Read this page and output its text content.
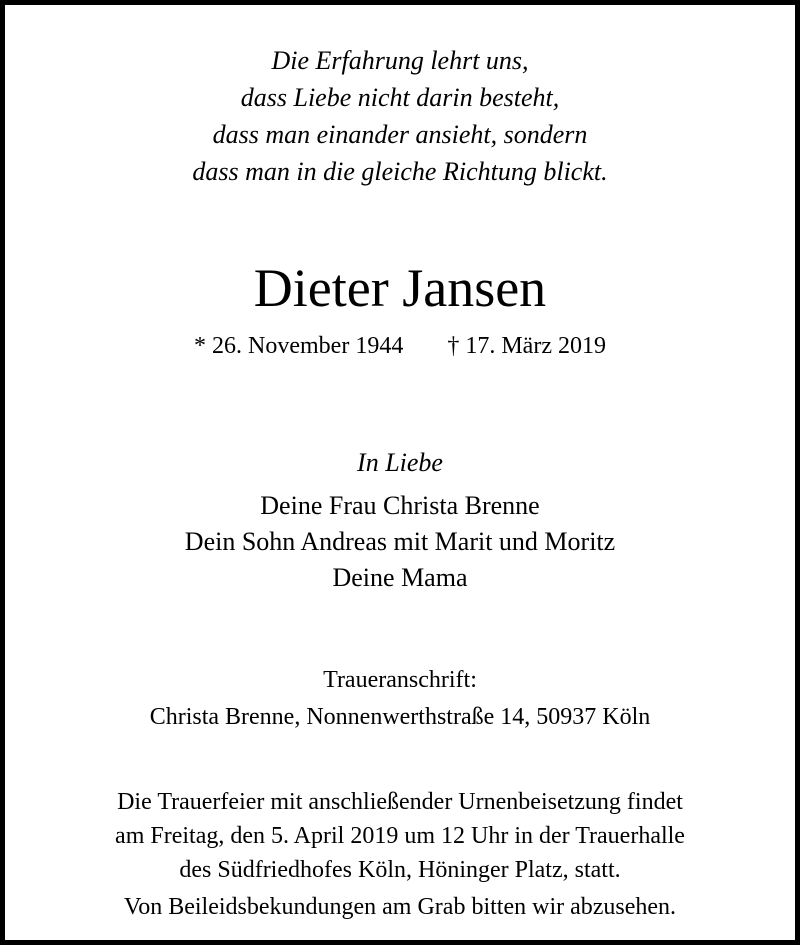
Die Erfahrung lehrt uns,
dass Liebe nicht darin besteht,
dass man einander ansieht, sondern
dass man in die gleiche Richtung blickt.
Dieter Jansen
* 26. November 1944 † 17. März 2019
In Liebe
Deine Frau Christa Brenne
Dein Sohn Andreas mit Marit und Moritz
Deine Mama
Traueranschrift:
Christa Brenne, Nonnenwerthstraße 14, 50937 Köln
Die Trauerfeier mit anschließender Urnenbeisetzung findet
am Freitag, den 5. April 2019 um 12 Uhr in der Trauerhalle
des Südfriedhofes Köln, Höninger Platz, statt.
Von Beileidsbekundungen am Grab bitten wir abzusehen.
